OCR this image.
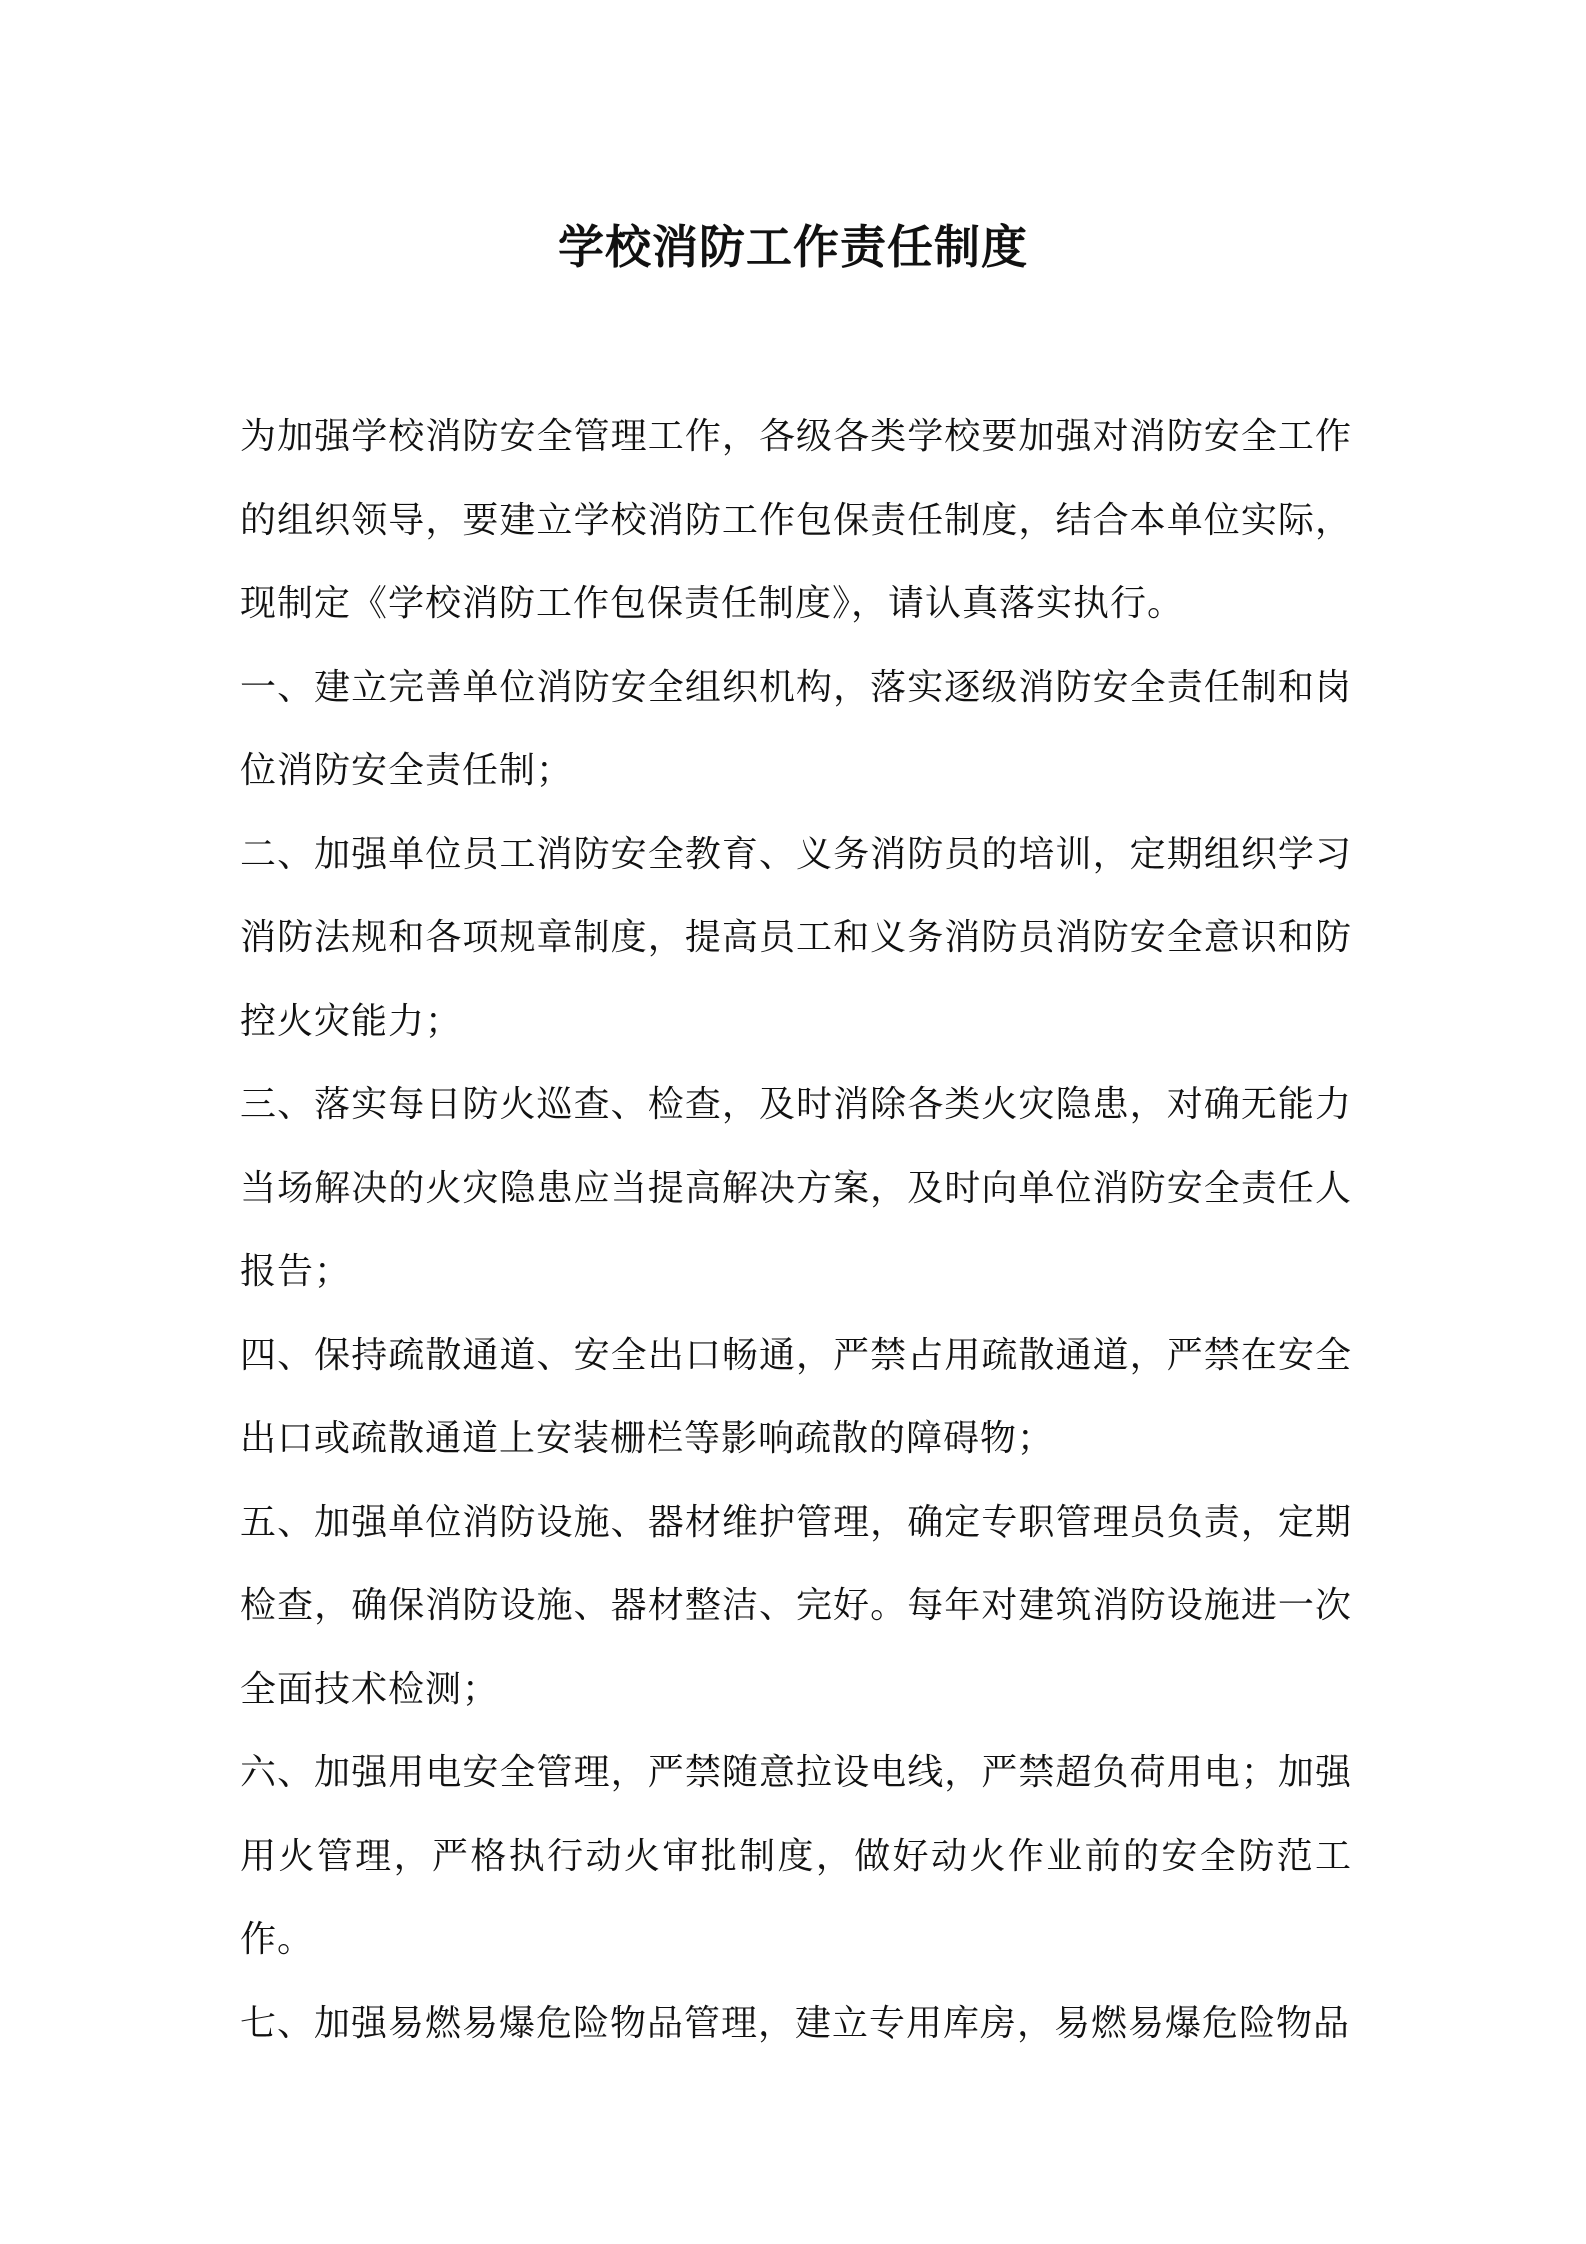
学校消防工作责任制度

为加强学校消防安全管理工作，各级各类学校要加强对消防安全工作的组织领导，要建立学校消防工作包保责任制度，结合本单位实际，现制定《学校消防工作包保责任制度》，请认真落实执行。

一、建立完善单位消防安全组织机构，落实逐级消防安全责任制和岗位消防安全责任制；

二、加强单位员工消防安全教育、义务消防员的培训，定期组织学习消防法规和各项规章制度，提高员工和义务消防员消防安全意识和防控火灾能力；

三、落实每日防火巡查、检查，及时消除各类火灾隐患，对确无能力当场解决的火灾隐患应当提高解决方案，及时向单位消防安全责任人报告；

四、保持疏散通道、安全出口畅通，严禁占用疏散通道，严禁在安全出口或疏散通道上安装栅栏等影响疏散的障碍物；

五、加强单位消防设施、器材维护管理，确定专职管理员负责，定期检查，确保消防设施、器材整洁、完好。每年对建筑消防设施进一次全面技术检测；

六、加强用电安全管理，严禁随意拉设电线，严禁超负荷用电；加强用火管理，严格执行动火审批制度，做好动火作业前的安全防范工作。

七、加强易燃易爆危险物品管理，建立专用库房，易燃易爆危险物品
